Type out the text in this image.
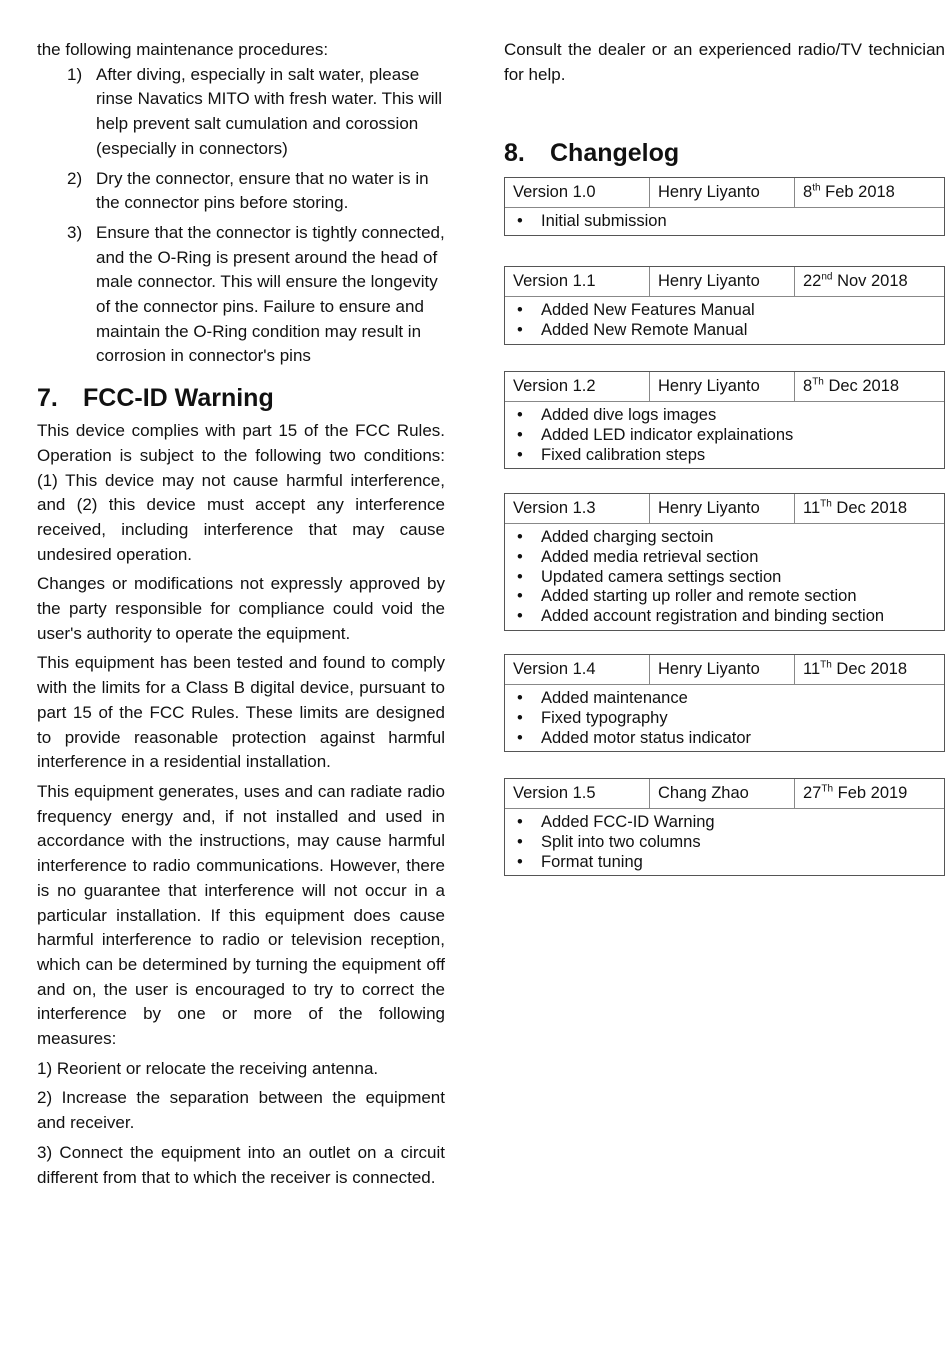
the following maintenance procedures:

1) After diving, especially in salt water, please rinse Navatics MITO with fresh water. This will help prevent salt cumulation and corossion (especially in connectors)
2) Dry the connector, ensure that no water is in the connector pins before storing.
3) Ensure that the connector is tightly connected, and the O-Ring is present around the head of male connector. This will ensure the longevity of the connector pins. Failure to ensure and maintain the O-Ring condition may result in corrosion in connector's pins
7. FCC-ID Warning

This device complies with part 15 of the FCC Rules. Operation is subject to the following two conditions: (1) This device may not cause harmful interference, and (2) this device must accept any interference received, including interference that may cause undesired operation.

Changes or modifications not expressly approved by the party responsible for compliance could void the user's authority to operate the equipment.

This equipment has been tested and found to comply with the limits for a Class B digital device, pursuant to part 15 of the FCC Rules. These limits are designed to provide reasonable protection against harmful interference in a residential installation.

This equipment generates, uses and can radiate radio frequency energy and, if not installed and used in accordance with the instructions, may cause harmful interference to radio communications. However, there is no guarantee that interference will not occur in a particular installation. If this equipment does cause harmful interference to radio or television reception, which can be determined by turning the equipment off and on, the user is encouraged to try to correct the interference by one or more of the following measures:

1) Reorient or relocate the receiving antenna.

2) Increase the separation between the equipment and receiver.

3) Connect the equipment into an outlet on a circuit different from that to which the receiver is connected.

Consult the dealer or an experienced radio/TV technician for help.

8. Changelog
Version 1.0	Henry Liyanto	8th Feb 2018
• Initial submission
Version 1.1	Henry Liyanto	22nd Nov 2018
• Added New Features Manual
• Added New Remote Manual
Version 1.2	Henry Liyanto	8Th Dec 2018
• Added dive logs images
• Added LED indicator explainations
• Fixed calibration steps
Version 1.3	Henry Liyanto	11Th Dec 2018
• Added charging sectoin
• Added media retrieval section
• Updated camera settings section
• Added starting up roller and remote section
• Added account registration and binding section
Version 1.4	Henry Liyanto	11Th Dec 2018
• Added maintenance
• Fixed typography
• Added motor status indicator
Version 1.5	Chang Zhao	27Th Feb 2019
• Added FCC-ID Warning
• Split into two columns
• Format tuning
